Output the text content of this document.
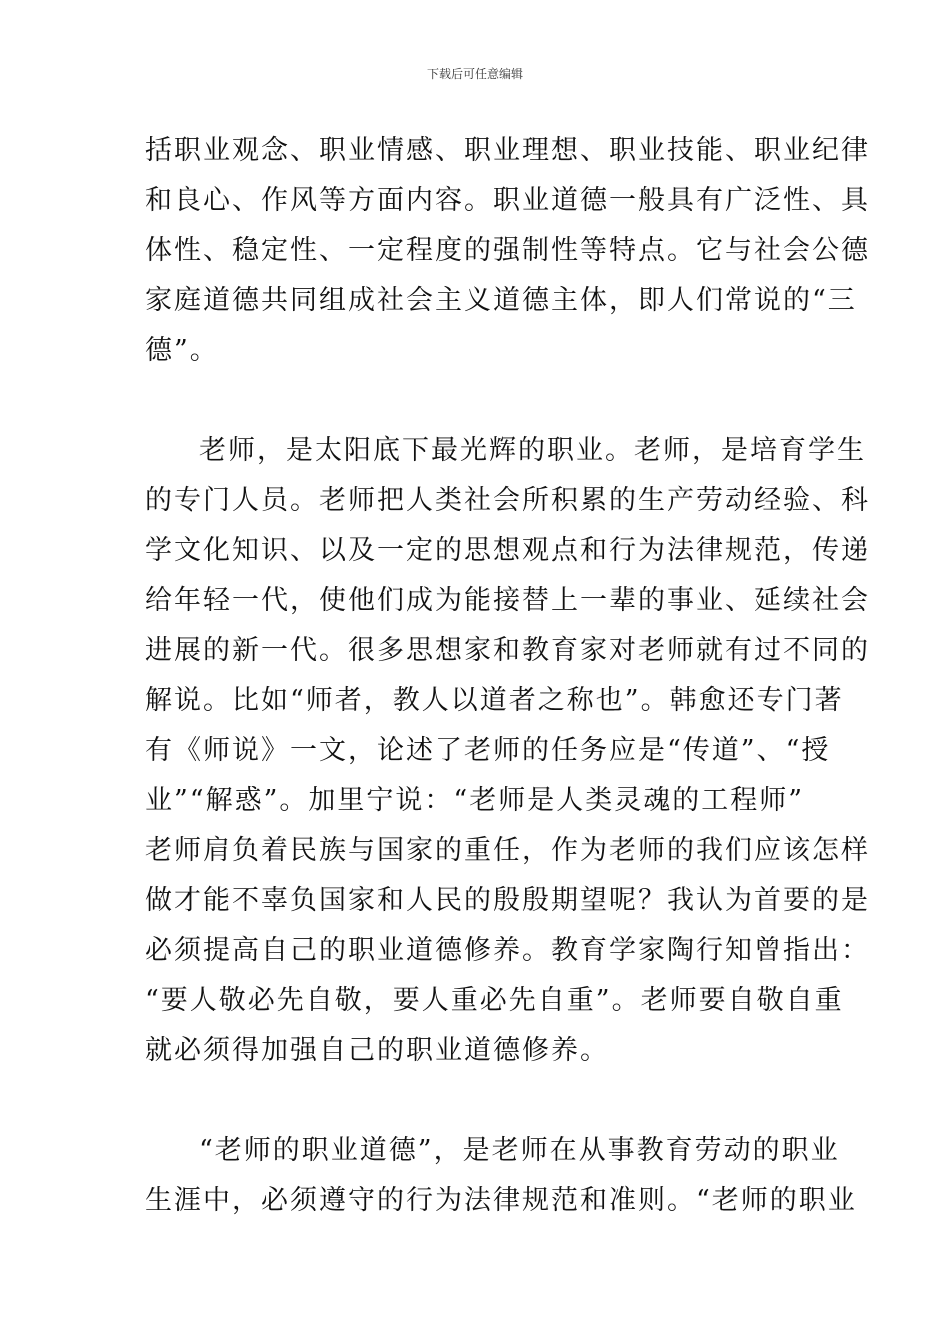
下载后可任意编辑

括职业观念、职业情感、职业理想、职业技能、职业纪律
和良心、作风等方面内容。职业道德一般具有广泛性、具
体性、稳定性、一定程度的强制性等特点。它与社会公德
家庭道德共同组成社会主义道德主体，即人们常说的“三
德”。

老师，是太阳底下最光辉的职业。老师，是培育学生
的专门人员。老师把人类社会所积累的生产劳动经验、科
学文化知识、以及一定的思想观点和行为法律规范，传递
给年轻一代，使他们成为能接替上一辈的事业、延续社会
进展的新一代。很多思想家和教育家对老师就有过不同的
解说。比如“师者，教人以道者之称也”。韩愈还专门著
有《师说》一文，论述了老师的任务应是“传道”、“授
业”“解惑”。加里宁说：“老师是人类灵魂的工程师”
老师肩负着民族与国家的重任，作为老师的我们应该怎样
做才能不辜负国家和人民的殷殷期望呢？我认为首要的是
必须提高自己的职业道德修养。教育学家陶行知曾指出：
“要人敬必先自敬，要人重必先自重”。老师要自敬自重
就必须得加强自己的职业道德修养。

“老师的职业道德”，是老师在从事教育劳动的职业
生涯中，必须遵守的行为法律规范和准则。“老师的职业
